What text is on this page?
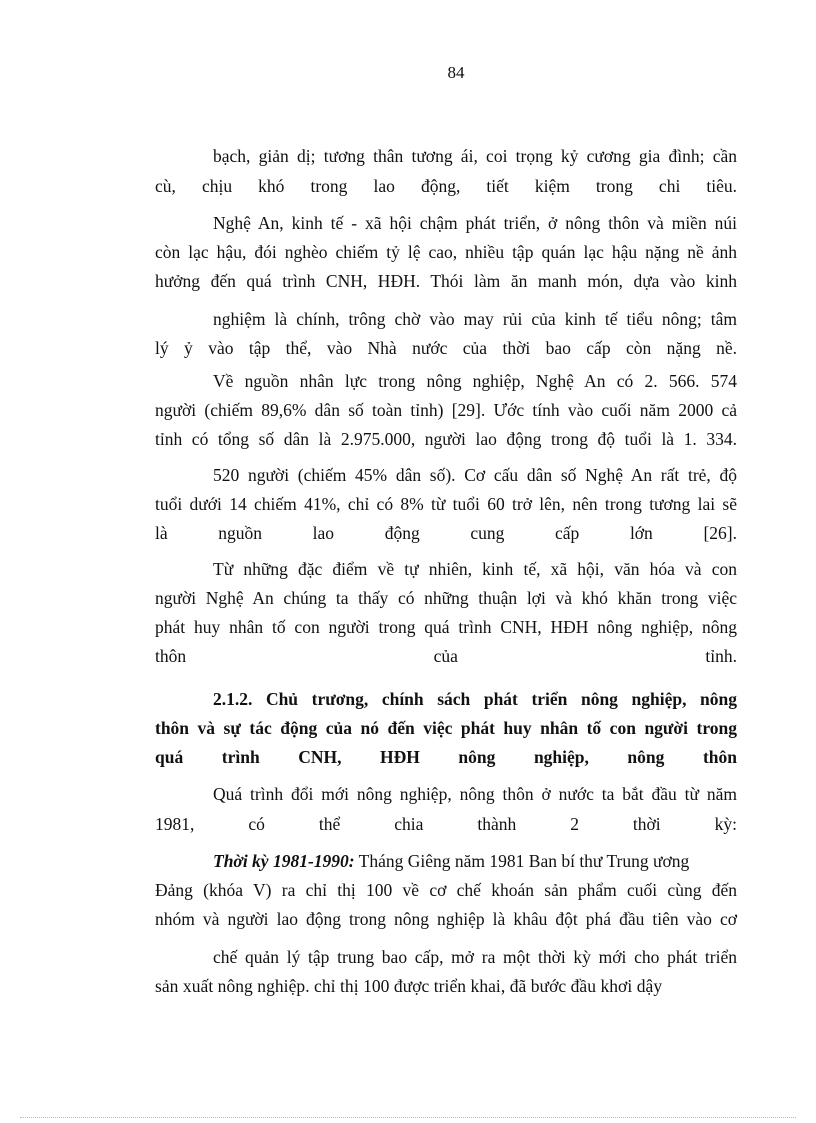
84
bạch, giản dị; tương thân tương ái, coi trọng kỷ cương gia đình; cần
cù, chịu khó trong lao động, tiết kiệm trong chi tiêu.
Nghệ An, kinh tế - xã hội chậm phát triển, ở nông thôn và miền núi
còn lạc hậu, đói nghèo chiếm tỷ lệ cao, nhiều tập quán lạc hậu nặng nề ảnh
hưởng đến quá trình CNH, HĐH. Thói làm ăn manh món, dựa vào kinh
nghiệm là chính, trông chờ vào may rủi của kinh tế tiểu nông; tâm
lý ỷ vào tập thể, vào Nhà nước của thời bao cấp còn nặng nề.
Về nguồn nhân lực trong nông nghiệp, Nghệ An có 2. 566. 574
người (chiếm 89,6% dân số toàn tỉnh) [29]. Ước tính vào cuối năm 2000 cả
tỉnh có tổng số dân là 2.975.000, người lao động trong độ tuổi là 1. 334.
520 người (chiếm 45% dân số). Cơ cấu dân số Nghệ An rất trẻ, độ
tuổi dưới 14 chiếm 41%, chỉ có 8% từ tuổi 60 trở lên, nên trong tương lai sẽ
là nguồn lao động cung cấp lớn [26].
Từ những đặc điểm về tự nhiên, kinh tế, xã hội, văn hóa và con
người Nghệ An chúng ta thấy có những thuận lợi và khó khăn trong việc
phát huy nhân tố con người trong quá trình CNH, HĐH nông nghiệp, nông
thôn của tỉnh.
2.1.2. Chủ trương, chính sách phát triển nông nghiệp, nông
thôn và sự tác động của nó đến việc phát huy nhân tố con người trong
quá trình CNH, HĐH nông nghiệp, nông thôn
Quá trình đổi mới nông nghiệp, nông thôn ở nước ta bắt đầu từ năm
1981, có thể chia thành 2 thời kỳ:
Thời kỳ 1981-1990: Tháng Giêng năm 1981 Ban bí thư Trung ương
Đảng (khóa V) ra chỉ thị 100 về cơ chế khoán sản phẩm cuối cùng đến
nhóm và người lao động trong nông nghiệp là khâu đột phá đầu tiên vào cơ
chế quản lý tập trung bao cấp, mở ra một thời kỳ mới cho phát triển
sản xuất nông nghiệp. chỉ thị 100 được triển khai, đã bước đầu khơi dậy
